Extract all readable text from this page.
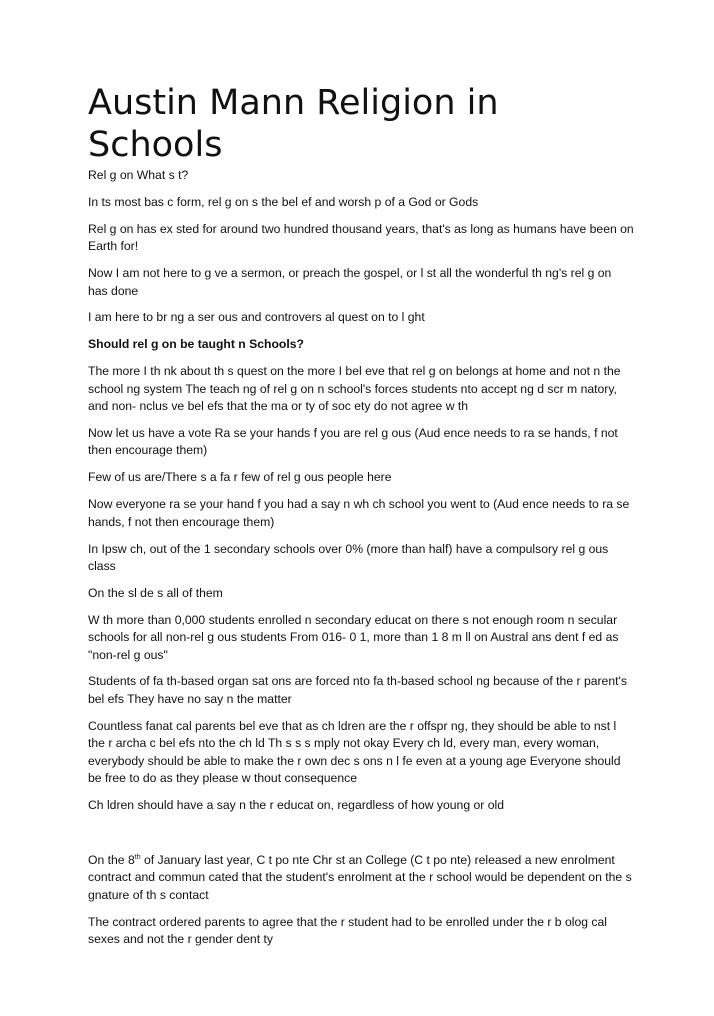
Austin Mann Religion in Schools

Rel g on What s t?

In ts most bas c form, rel g on s the bel ef and worsh p of a God or Gods

Rel g on has ex sted for around two hundred thousand years, that's as long as humans have been on Earth for!

Now I am not here to g ve a sermon, or preach the gospel, or l st all the wonderful th ng's rel g on has done

I am here to br ng a ser ous and controvers al quest on to l ght

Should rel g on be taught n Schools?

The more I th nk about th s quest on the more I bel eve that rel g on belongs at home and not n the school ng system The teach ng of rel g on n school's forces students nto accept ng d scr m natory, and non- nclus ve bel efs that the ma or ty of soc ety do not agree w th

Now let us have a vote Ra se your hands f you are rel g ous (Aud ence needs to ra se hands, f not then encourage them)

Few of us are/There s a fa r few of rel g ous people here

Now everyone ra se your hand f you had a say n wh ch school you went to (Aud ence needs to ra se hands, f not then encourage them)

In Ipsw ch, out of the 1 secondary schools over 0% (more than half) have a compulsory rel g ous class

On the sl de s all of them

W th more than 0,000 students enrolled n secondary educat on there s not enough room n secular schools for all non-rel g ous students From 016- 0 1, more than 1 8 m ll on Austral ans dent f ed as "non-rel g ous"

Students of fa th-based organ sat ons are forced nto fa th-based school ng because of the r parent's bel efs They have no say n the matter

Countless fanat cal parents bel eve that as ch ldren are the r offspr ng, they should be able to nst l the r archa c bel efs nto the ch ld Th s s s mply not okay Every ch ld, every man, every woman, everybody should be able to make the r own dec s ons n l fe even at a young age Everyone should be free to do as they please w thout consequence

Ch ldren should have a say n the r educat on, regardless of how young or old

On the 8th of January last year, C t po nte Chr st an College (C t po nte) released a new enrolment contract and commun cated that the student's enrolment at the r school would be dependent on the s gnature of th s contact

The contract ordered parents to agree that the r student had to be enrolled under the r b olog cal sexes and not the r gender dent ty
